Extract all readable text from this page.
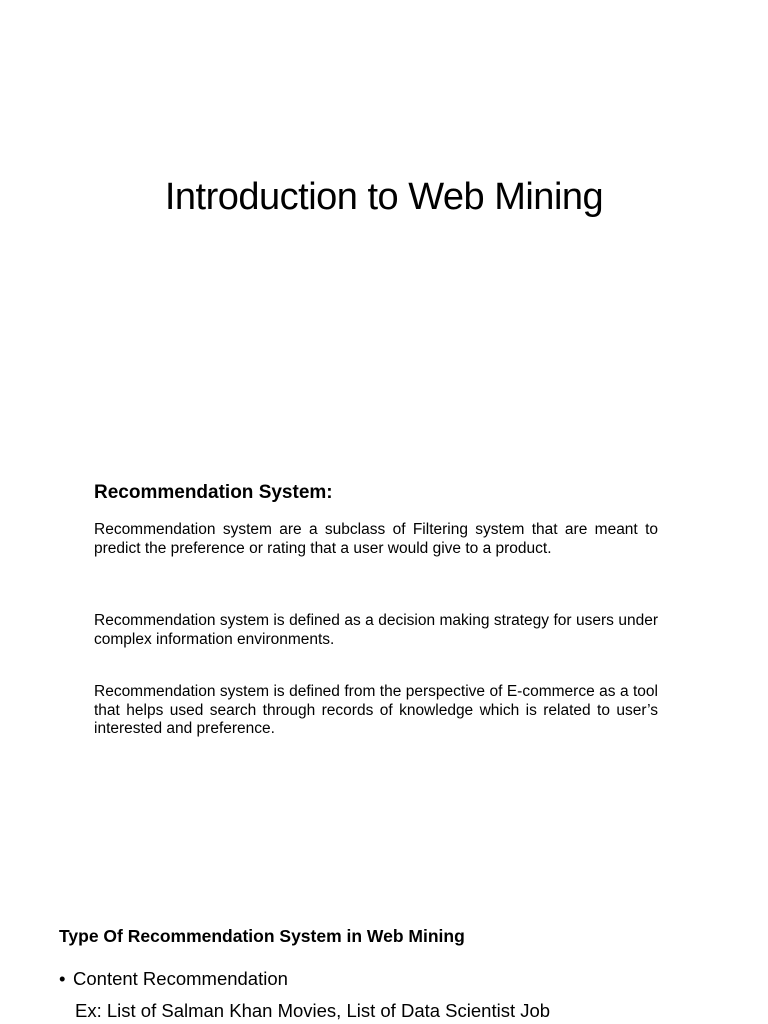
Introduction to Web Mining
Recommendation System:

Recommendation system are a subclass of Filtering system that are meant to predict the preference or rating that a user would give to a product.

Recommendation system is defined as a decision making strategy for users under complex information environments.

Recommendation system is defined from the perspective of E-commerce as a tool that helps used search through records of knowledge which is related to user’s interested and preference.

Type Of Recommendation System in Web Mining
• Content Recommendation
Ex: List of Salman Khan Movies, List of Data Scientist Job
